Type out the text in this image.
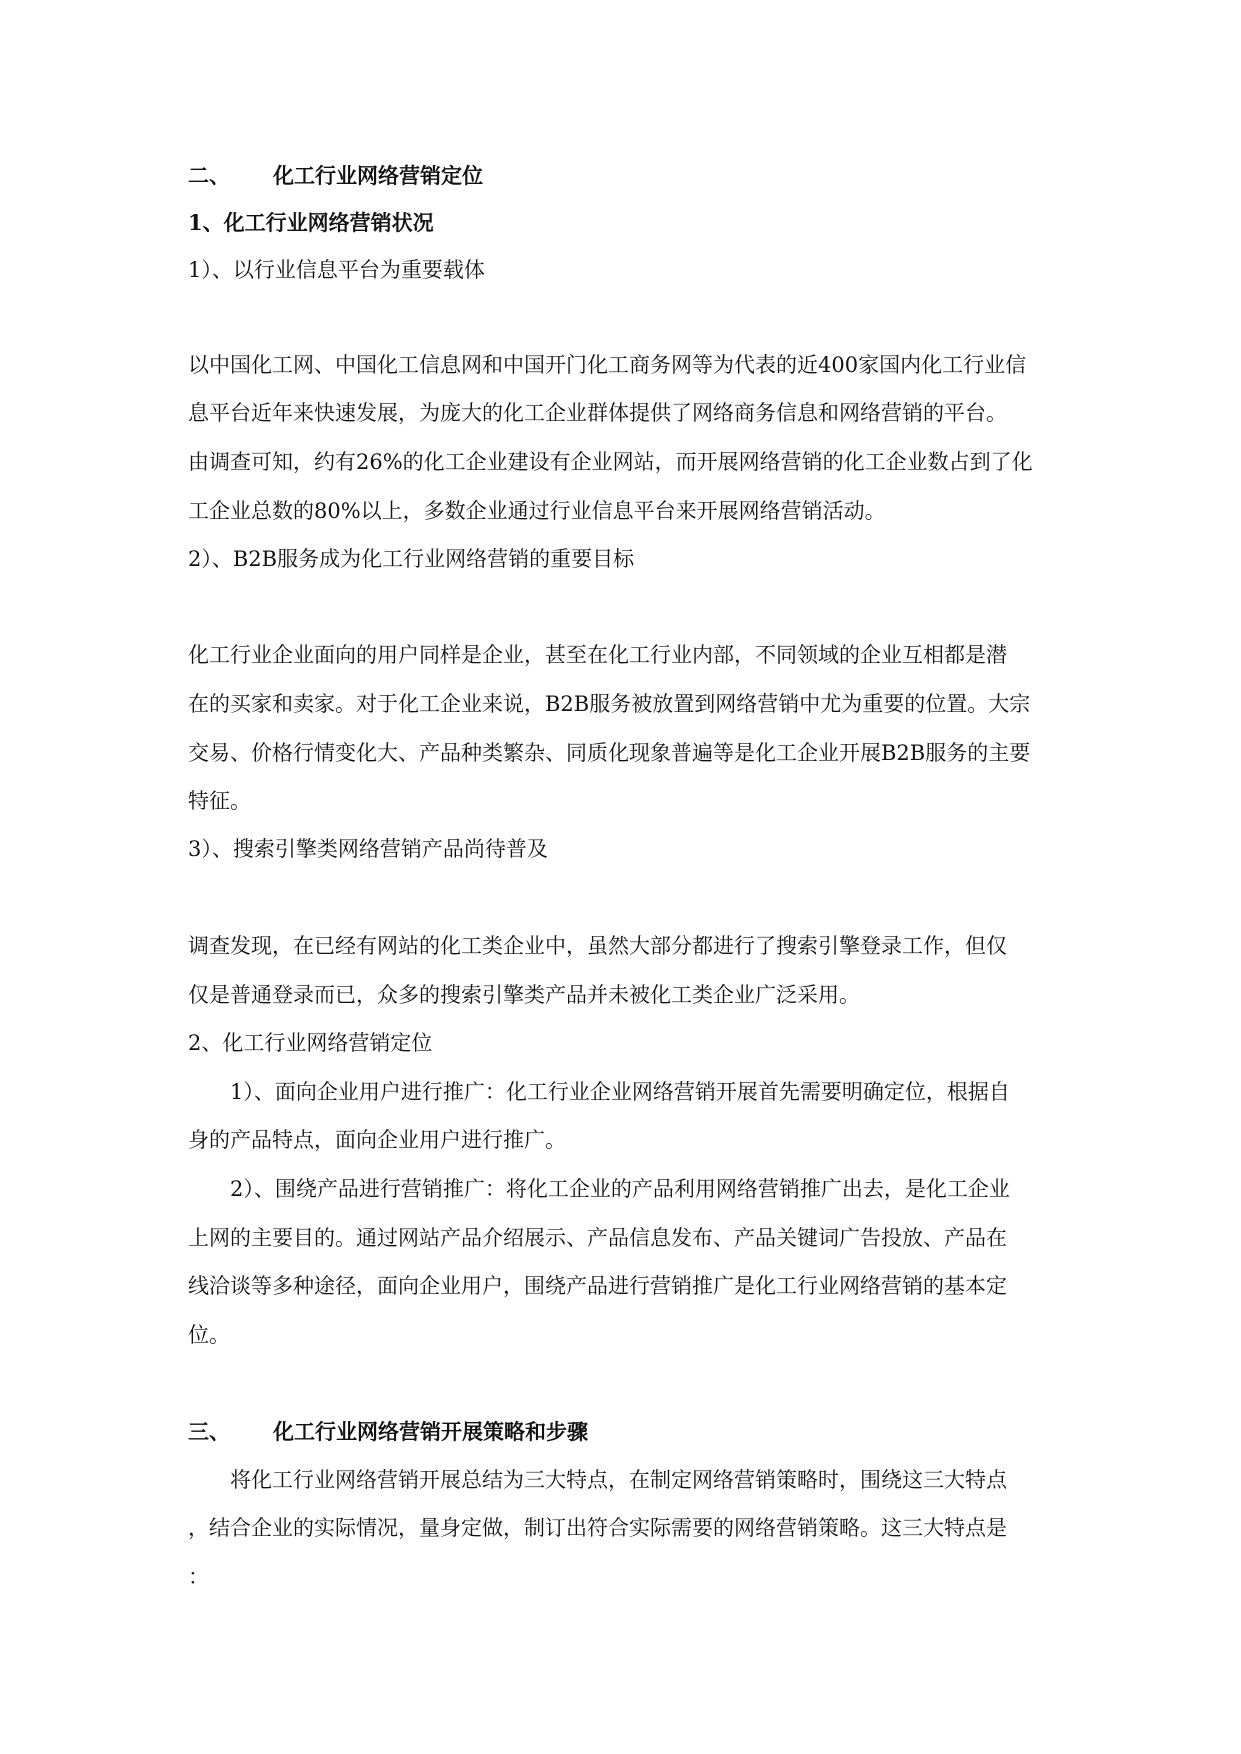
二、 化工行业网络营销定位
1、化工行业网络营销状况
1）、以行业信息平台为重要载体
以中国化工网、中国化工信息网和中国开门化工商务网等为代表的近400家国内化工行业信
息平台近年来快速发展，为庞大的化工企业群体提供了网络商务信息和网络营销的平台。
由调查可知，约有26%的化工企业建设有企业网站，而开展网络营销的化工企业数占到了化
工企业总数的80%以上，多数企业通过行业信息平台来开展网络营销活动。
2）、B2B服务成为化工行业网络营销的重要目标
化工行业企业面向的用户同样是企业，甚至在化工行业内部，不同领域的企业互相都是潜
在的买家和卖家。对于化工企业来说，B2B服务被放置到网络营销中尤为重要的位置。大宗
交易、价格行情变化大、产品种类繁杂、同质化现象普遍等是化工企业开展B2B服务的主要
特征。
3）、搜索引擎类网络营销产品尚待普及
调查发现，在已经有网站的化工类企业中，虽然大部分都进行了搜索引擎登录工作，但仅
仅是普通登录而已，众多的搜索引擎类产品并未被化工类企业广泛采用。
2、化工行业网络营销定位
1）、面向企业用户进行推广：化工行业企业网络营销开展首先需要明确定位，根据自
身的产品特点，面向企业用户进行推广。
2）、围绕产品进行营销推广：将化工企业的产品利用网络营销推广出去，是化工企业
上网的主要目的。通过网站产品介绍展示、产品信息发布、产品关键词广告投放、产品在
线洽谈等多种途径，面向企业用户，围绕产品进行营销推广是化工行业网络营销的基本定
位。
三、 化工行业网络营销开展策略和步骤
将化工行业网络营销开展总结为三大特点，在制定网络营销策略时，围绕这三大特点
，结合企业的实际情况，量身定做，制订出符合实际需要的网络营销策略。这三大特点是
：
